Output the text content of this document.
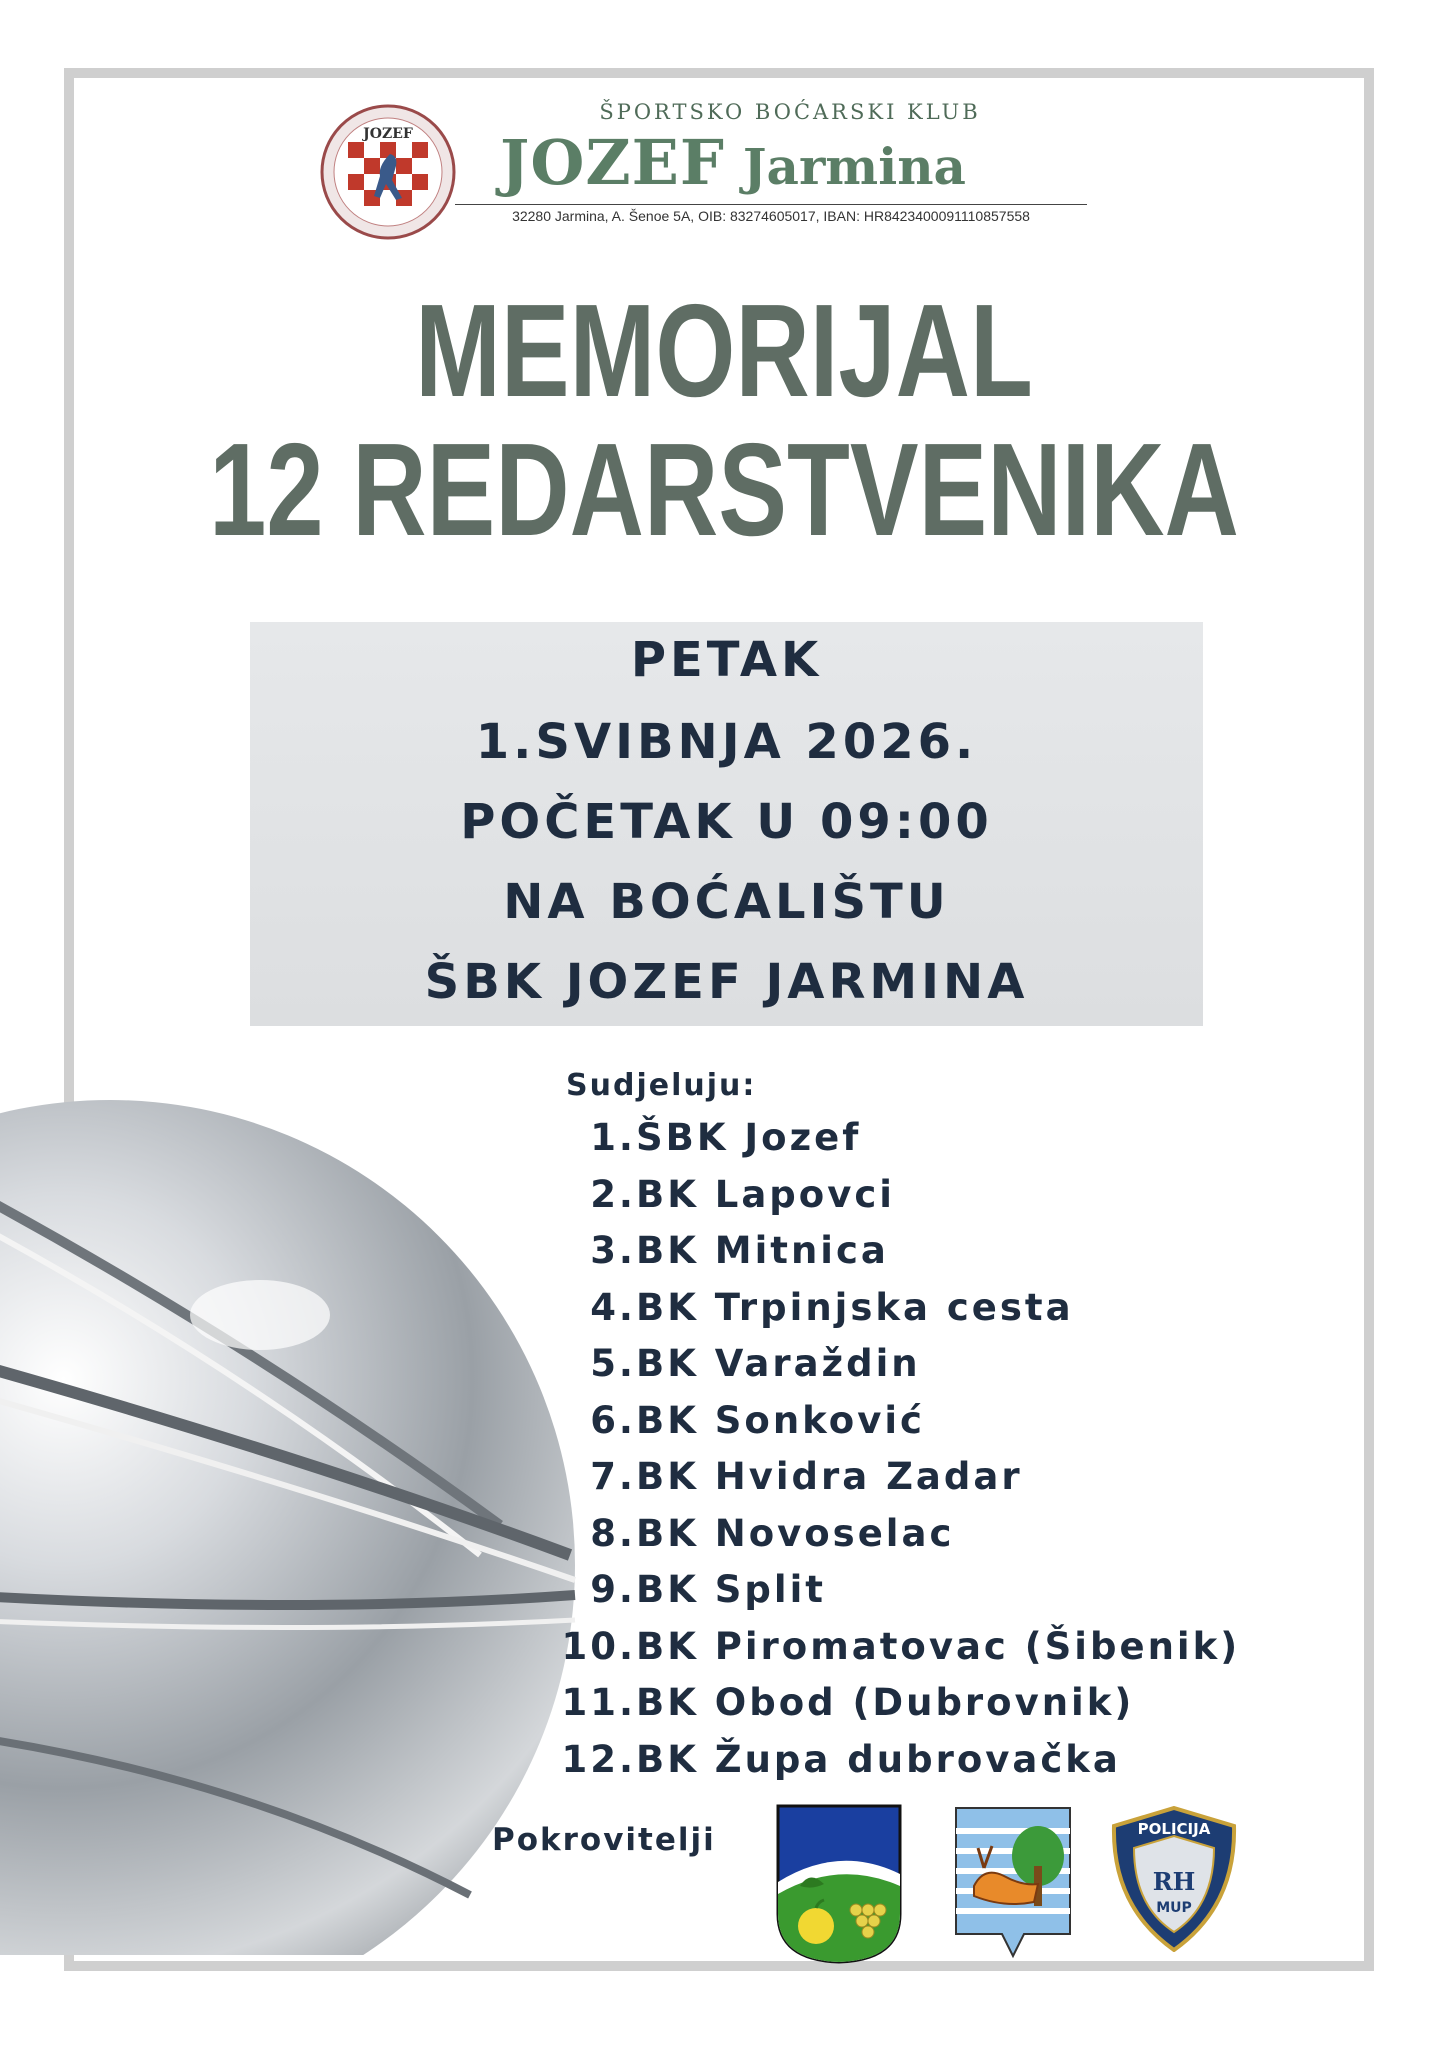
JOZEF
ŠPORTSKO BOĆARSKI KLUB
JOZEF Jarmina
32280 Jarmina, A. Šenoe 5A, OIB: 83274605017, IBAN: HR8423400091110857558
MEMORIJAL
12 REDARSTVENIKA
PETAK
1.SVIBNJA 2026.
POČETAK U 09:00
NA BOĆALIŠTU
ŠBK JOZEF JARMINA
Sudjeluju:
1.ŠBK Jozef
2.BK Lapovci
3.BK Mitnica
4.BK Trpinjska cesta
5.BK Varaždin
6.BK Sonković
7.BK Hvidra Zadar
8.BK Novoselac
9.BK Split
10.BK Piromatovac (Šibenik)
11.BK Obod (Dubrovnik)
12.BK Župa dubrovačka
Pokrovitelji	POLICIJA
RH
MUP
